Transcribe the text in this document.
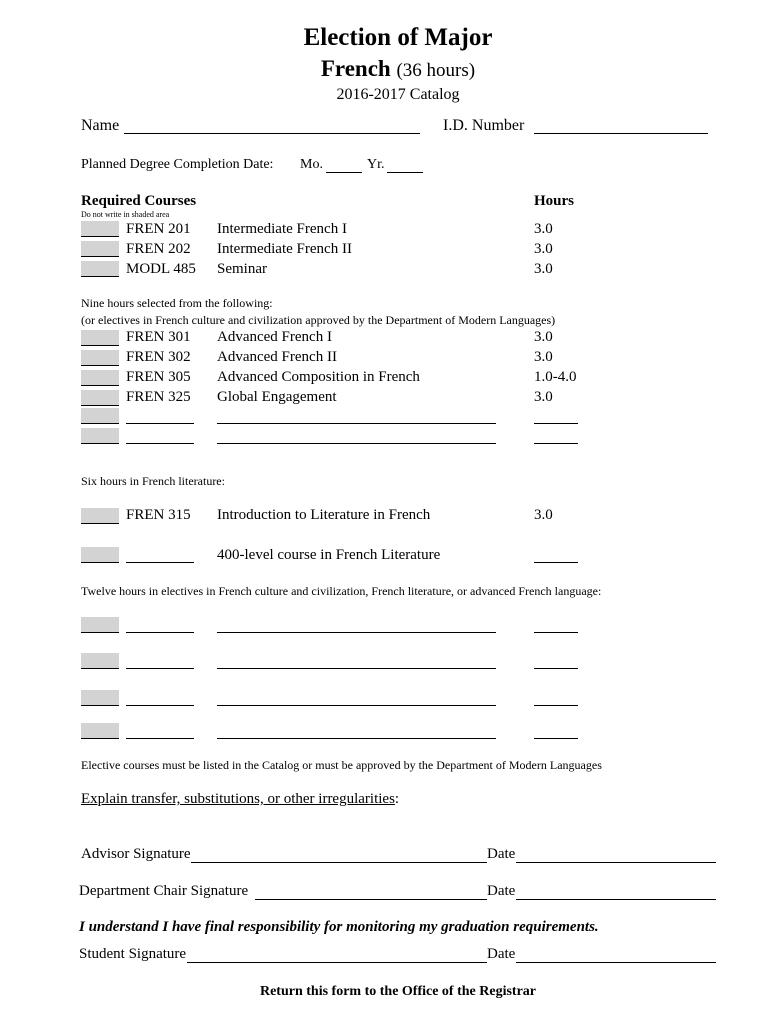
Election of Major
French (36 hours)
2016-2017 Catalog
Name	I.D. Number
Planned Degree Completion Date: Mo.	Yr.
Required Courses	Hours
Do not write in shaded area
FREN 201 Intermediate French I	3.0
FREN 202 Intermediate French II	3.0
MODL 485 Seminar	3.0
Nine hours selected from the following:
(or electives in French culture and civilization approved by the Department of Modern Languages)
FREN 301 Advanced French I	3.0
FREN 302 Advanced French II	3.0
FREN 305 Advanced Composition in French	1.0-4.0
FREN 325 Global Engagement	3.0
Six hours in French literature:
FREN 315 Introduction to Literature in French	3.0
400-level course in French Literature
Twelve hours in electives in French culture and civilization, French literature, or advanced French language:
Elective courses must be listed in the Catalog or must be approved by the Department of Modern Languages
Explain transfer, substitutions, or other irregularities:
Advisor Signature	Date
Department Chair Signature	Date
I understand I have final responsibility for monitoring my graduation requirements.
Student Signature	Date
Return this form to the Office of the Registrar
